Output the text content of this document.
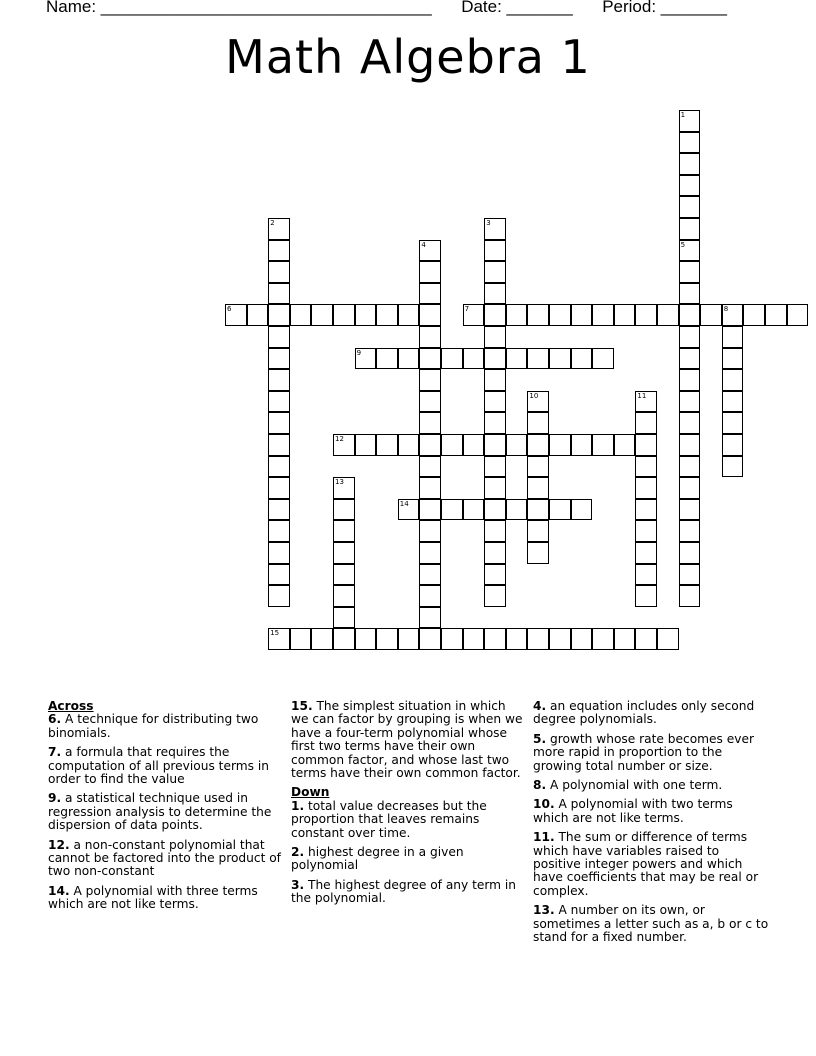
Name: ___________________________________ Date: _______ Period: _______
Math Algebra 1
1
5
2	3
4
6	7	8
9
10	11
12
13
14
15
Across
6. A technique for distributing two binomials.
7. a formula that requires the computation of all previous terms in order to find the value
9. a statistical technique used in regression analysis to determine the dispersion of data points.
12. a non-constant polynomial that cannot be factored into the product of two non-constant
14. A polynomial with three terms which are not like terms.
15. The simplest situation in which we can factor by grouping is when we have a four-term polynomial whose first two terms have their own common factor, and whose last two terms have their own common factor.
Down
1. total value decreases but the proportion that leaves remains constant over time.
2. highest degree in a given polynomial
3. The highest degree of any term in the polynomial.
4. an equation includes only second degree polynomials.
5. growth whose rate becomes ever more rapid in proportion to the growing total number or size.
8. A polynomial with one term.
10. A polynomial with two terms which are not like terms.
11. The sum or difference of terms which have variables raised to positive integer powers and which have coefficients that may be real or complex.
13. A number on its own, or sometimes a letter such as a, b or c to stand for a fixed number.
